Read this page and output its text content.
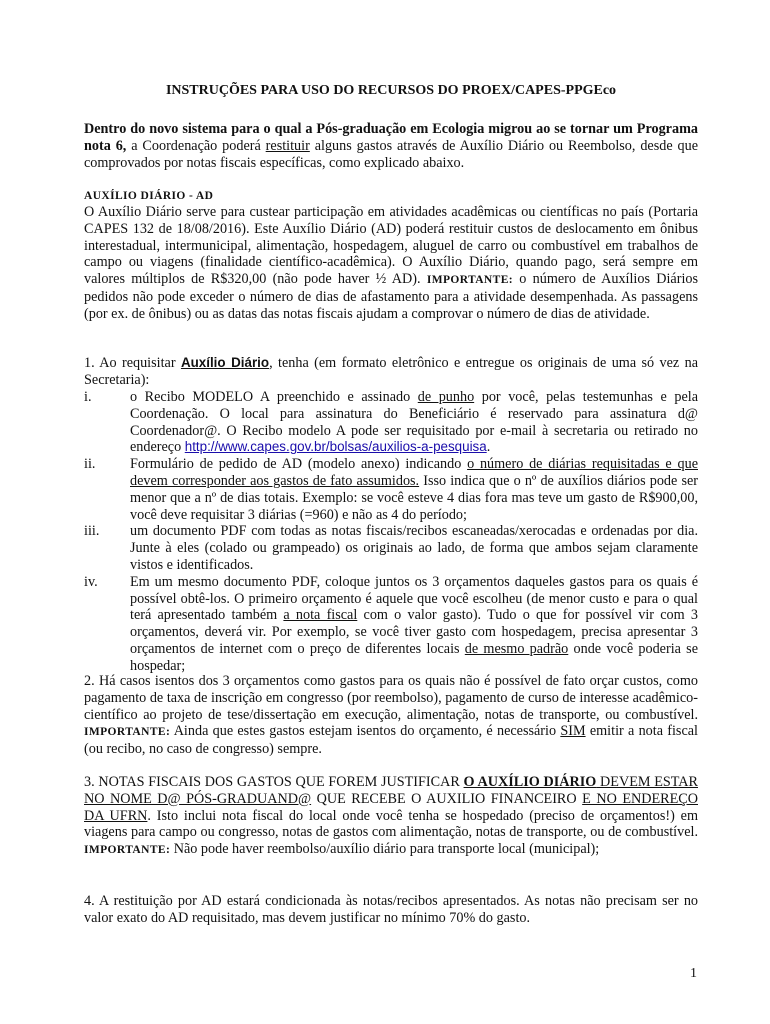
INSTRUÇÕES PARA USO DO RECURSOS DO PROEX/CAPES-PPGEco
Dentro do novo sistema para o qual a Pós-graduação em Ecologia migrou ao se tornar um Programa nota 6, a Coordenação poderá restituir alguns gastos através de Auxílio Diário ou Reembolso, desde que comprovados por notas fiscais específicas, como explicado abaixo.
AUXÍLIO DIÁRIO - AD
O Auxílio Diário serve para custear participação em atividades acadêmicas ou científicas no país (Portaria CAPES 132 de 18/08/2016). Este Auxílio Diário (AD) poderá restituir custos de deslocamento em ônibus interestadual, intermunicipal, alimentação, hospedagem, aluguel de carro ou combustível em trabalhos de campo ou viagens (finalidade científico-acadêmica). O Auxílio Diário, quando pago, será sempre em valores múltiplos de R$320,00 (não pode haver ½ AD). IMPORTANTE: o número de Auxílios Diários pedidos não pode exceder o número de dias de afastamento para a atividade desempenhada. As passagens (por ex. de ônibus) ou as datas das notas fiscais ajudam a comprovar o número de dias de atividade.
1. Ao requisitar Auxílio Diário, tenha (em formato eletrônico e entregue os originais de uma só vez na Secretaria):
i.	o Recibo MODELO A preenchido e assinado de punho por você, pelas testemunhas e pela Coordenação. O local para assinatura do Beneficiário é reservado para assinatura d@ Coordenador@. O Recibo modelo A pode ser requisitado por e-mail à secretaria ou retirado no endereço http://www.capes.gov.br/bolsas/auxilios-a-pesquisa.
ii.	Formulário de pedido de AD (modelo anexo) indicando o número de diárias requisitadas e que devem corresponder aos gastos de fato assumidos. Isso indica que o nº de auxílios diários pode ser menor que a nº de dias totais. Exemplo: se você esteve 4 dias fora mas teve um gasto de R$900,00, você deve requisitar 3 diárias (=960) e não as 4 do período;
iii.	um documento PDF com todas as notas fiscais/recibos escaneadas/xerocadas e ordenadas por dia. Junte à eles (colado ou grampeado) os originais ao lado, de forma que ambos sejam claramente vistos e identificados.
iv.	Em um mesmo documento PDF, coloque juntos os 3 orçamentos daqueles gastos para os quais é possível obtê-los. O primeiro orçamento é aquele que você escolheu (de menor custo e para o qual terá apresentado também a nota fiscal com o valor gasto). Tudo o que for possível vir com 3 orçamentos, deverá vir. Por exemplo, se você tiver gasto com hospedagem, precisa apresentar 3 orçamentos de internet com o preço de diferentes locais de mesmo padrão onde você poderia se hospedar;
2. Há casos isentos dos 3 orçamentos como gastos para os quais não é possível de fato orçar custos, como pagamento de taxa de inscrição em congresso (por reembolso), pagamento de curso de interesse acadêmico-científico ao projeto de tese/dissertação em execução, alimentação, notas de transporte, ou combustível. IMPORTANTE: Ainda que estes gastos estejam isentos do orçamento, é necessário SIM emitir a nota fiscal (ou recibo, no caso de congresso) sempre.
3. NOTAS FISCAIS DOS GASTOS QUE FOREM JUSTIFICAR O AUXÍLIO DIÁRIO DEVEM ESTAR NO NOME D@ PÓS-GRADUAND@ QUE RECEBE O AUXILIO FINANCEIRO E NO ENDEREÇO DA UFRN. Isto inclui nota fiscal do local onde você tenha se hospedado (preciso de orçamentos!) em viagens para campo ou congresso, notas de gastos com alimentação, notas de transporte, ou de combustível. IMPORTANTE: Não pode haver reembolso/auxílio diário para transporte local (municipal);
4. A restituição por AD estará condicionada às notas/recibos apresentados. As notas não precisam ser no valor exato do AD requisitado, mas devem justificar no mínimo 70% do gasto.
1
